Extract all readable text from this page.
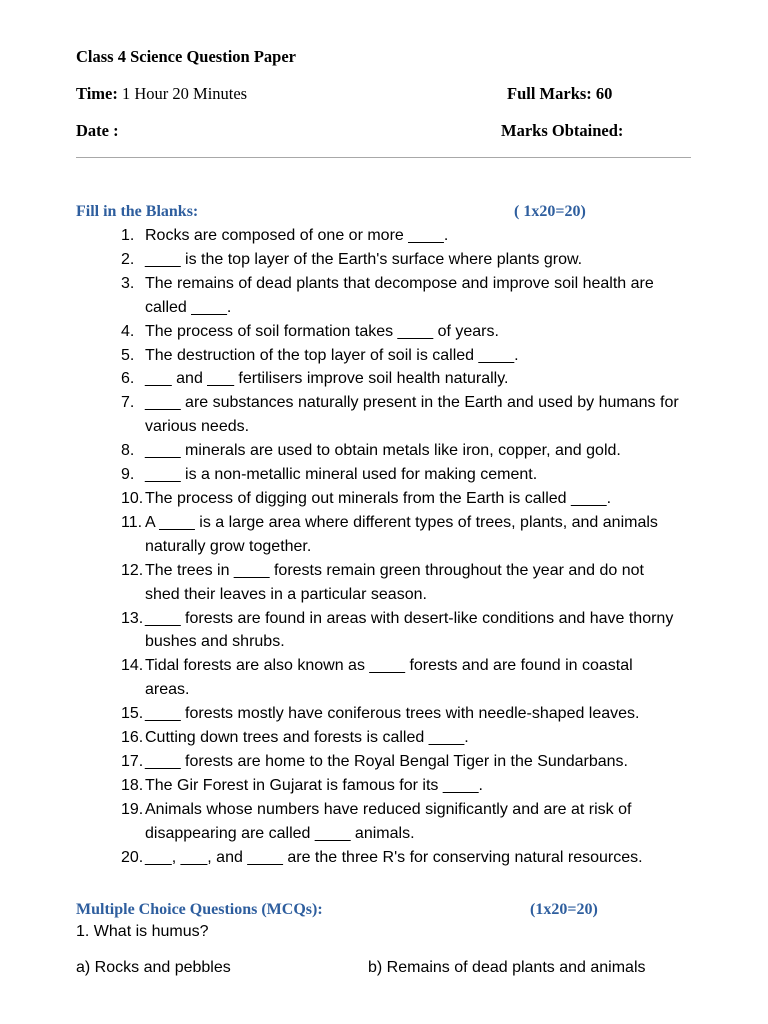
Class 4 Science Question Paper
Time: 1 Hour 20 Minutes	Full Marks: 60
Date :	Marks Obtained:
Fill in the Blanks:	( 1x20=20)
1. Rocks are composed of one or more ____.
2. ____ is the top layer of the Earth's surface where plants grow.
3. The remains of dead plants that decompose and improve soil health are called ____.
4. The process of soil formation takes ____ of years.
5. The destruction of the top layer of soil is called ____.
6. ___ and ___ fertilisers improve soil health naturally.
7. ____ are substances naturally present in the Earth and used by humans for various needs.
8. ____ minerals are used to obtain metals like iron, copper, and gold.
9. ____ is a non-metallic mineral used for making cement.
10. The process of digging out minerals from the Earth is called ____.
11. A ____ is a large area where different types of trees, plants, and animals naturally grow together.
12. The trees in ____ forests remain green throughout the year and do not shed their leaves in a particular season.
13. ____ forests are found in areas with desert-like conditions and have thorny bushes and shrubs.
14. Tidal forests are also known as ____ forests and are found in coastal areas.
15. ____ forests mostly have coniferous trees with needle-shaped leaves.
16. Cutting down trees and forests is called ____.
17. ____ forests are home to the Royal Bengal Tiger in the Sundarbans.
18. The Gir Forest in Gujarat is famous for its ____.
19. Animals whose numbers have reduced significantly and are at risk of disappearing are called ____ animals.
20. ___, ___, and ____ are the three R's for conserving natural resources.
Multiple Choice Questions (MCQs):	(1x20=20)
1. What is humus?
a) Rocks and pebbles	b) Remains of dead plants and animals
